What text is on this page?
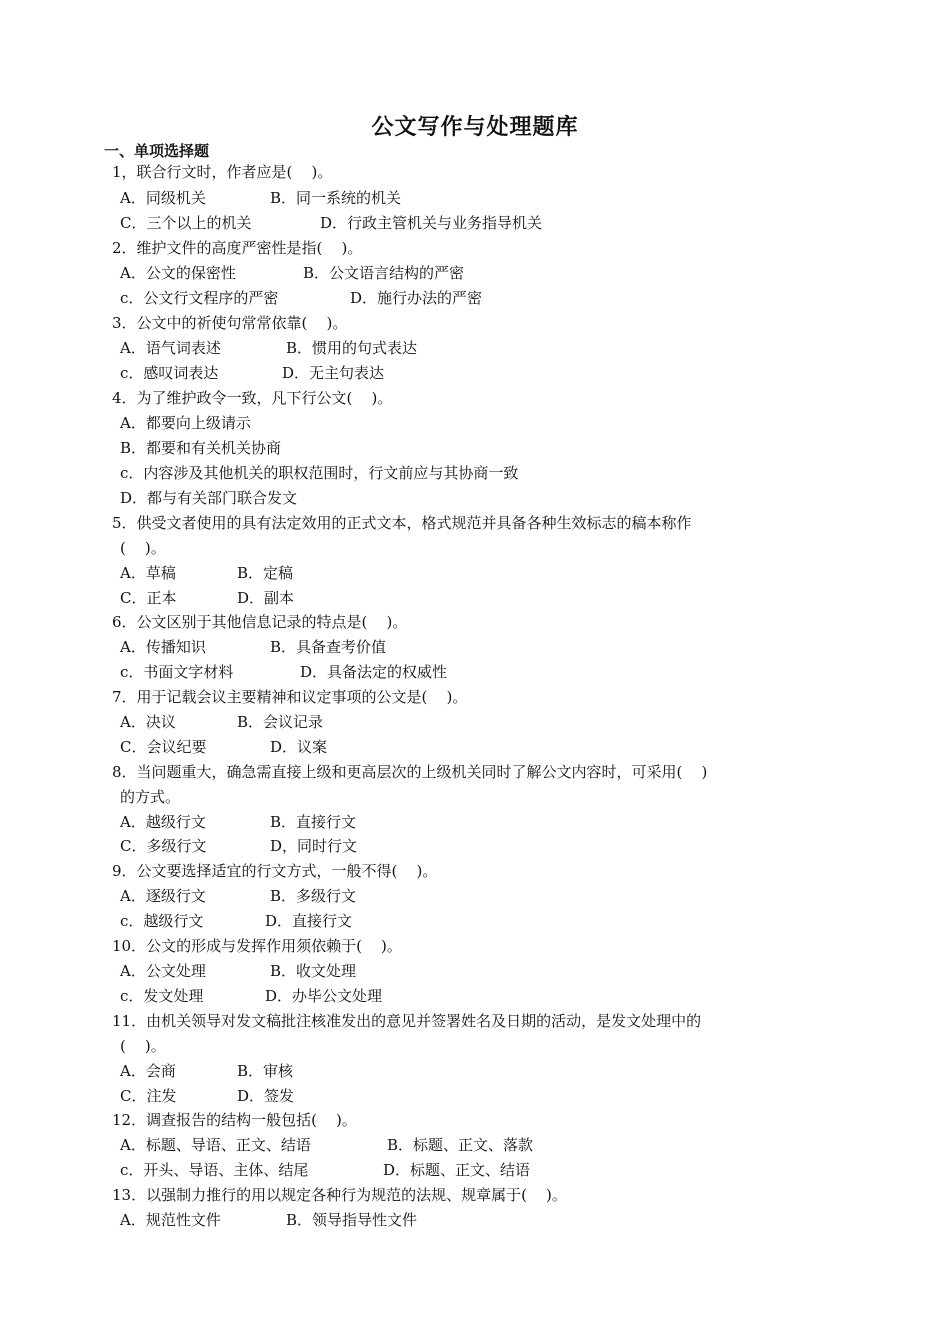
公文写作与处理题库
一、单项选择题
1，联合行文时，作者应是(    )。
A．同级机关	B．同一系统的机关
C．三个以上的机关	D．行政主管机关与业务指导机关
2．维护文件的高度严密性是指(    )。
A．公文的保密性	B．公文语言结构的严密
c．公文行文程序的严密	D．施行办法的严密
3．公文中的祈使句常常依靠(    )。
A．语气词表述	B．惯用的句式表达
c．感叹词表达	D．无主句表达
4．为了维护政令一致，凡下行公文(    )。
A．都要向上级请示
B．都要和有关机关协商
c．内容涉及其他机关的职权范围时，行文前应与其协商一致
D．都与有关部门联合发文
5．供受文者使用的具有法定效用的正式文本，格式规范并具备各种生效标志的稿本称作
(    )。
A．草稿	B．定稿
C．正本	D．副本
6．公文区别于其他信息记录的特点是(    )。
A．传播知识	B．具备查考价值
c．书面文字材料	D．具备法定的权威性
7．用于记载会议主要精神和议定事项的公文是(    )。
A．决议	B．会议记录
C．会议纪要	D．议案
8．当问题重大，确急需直接上级和更高层次的上级机关同时了解公文内容时，可采用(    )
的方式。
A．越级行文	B．直接行文
C．多级行文	D，同时行文
9．公文要选择适宜的行文方式，一般不得(    )。
A．逐级行文	B．多级行文
c．越级行文	D．直接行文
10．公文的形成与发挥作用须依赖于(    )。
A．公文处理	B．收文处理
c．发文处理	D．办毕公文处理
11．由机关领导对发文稿批注核准发出的意见并签署姓名及日期的活动，是发文处理中的
(    )。
A．会商	B．审核
C．注发	D．签发
12．调查报告的结构一般包括(    )。
A．标题、导语、正文、结语	B．标题、正文、落款
c．开头、导语、主体、结尾	D．标题、正文、结语
13．以强制力推行的用以规定各种行为规范的法规、规章属于(    )。
A．规范性文件	B．领导指导性文件
